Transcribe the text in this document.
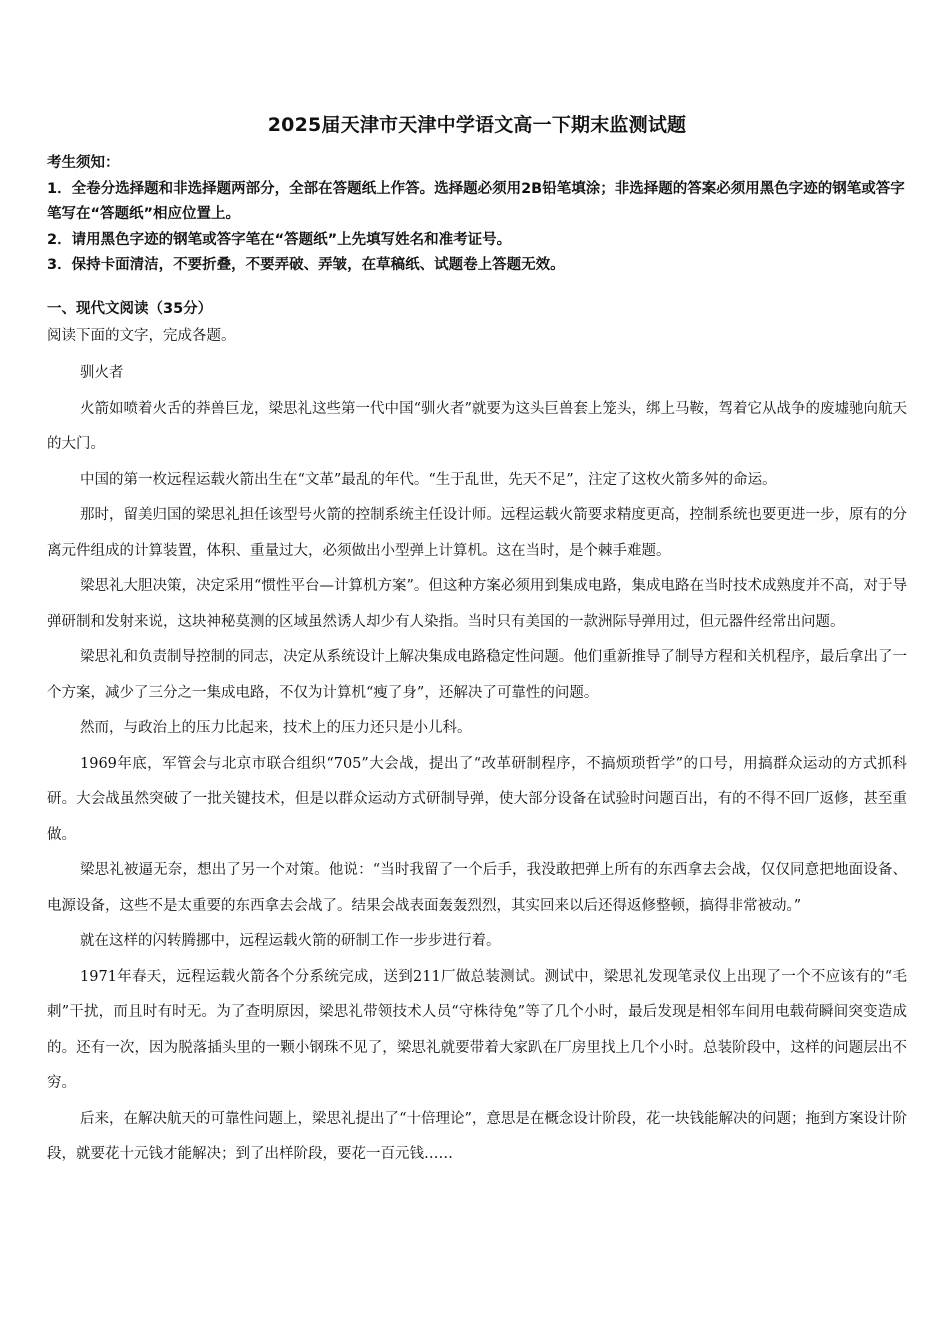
2025届天津市天津中学语文高一下期末监测试题

考生须知：

1．全卷分选择题和非选择题两部分，全部在答题纸上作答。选择题必须用2B铅笔填涂；非选择题的答案必须用黑色字迹的钢笔或答字笔写在“答题纸”相应位置上。

2．请用黑色字迹的钢笔或答字笔在“答题纸”上先填写姓名和准考证号。

3．保持卡面清洁，不要折叠，不要弄破、弄皱，在草稿纸、试题卷上答题无效。

一、现代文阅读（35分）
阅读下面的文字，完成各题。

驯火者

火箭如喷着火舌的莽兽巨龙，梁思礼这些第一代中国“驯火者”就要为这头巨兽套上笼头，绑上马鞍，驾着它从战争的废墟驰向航天的大门。

中国的第一枚远程运载火箭出生在“文革”最乱的年代。“生于乱世，先天不足”，注定了这枚火箭多舛的命运。

那时，留美归国的梁思礼担任该型号火箭的控制系统主任设计师。远程运载火箭要求精度更高，控制系统也要更进一步，原有的分离元件组成的计算装置，体积、重量过大，必须做出小型弹上计算机。这在当时，是个棘手难题。

梁思礼大胆决策，决定采用“惯性平台—计算机方案”。但这种方案必须用到集成电路，集成电路在当时技术成熟度并不高，对于导弹研制和发射来说，这块神秘莫测的区域虽然诱人却少有人染指。当时只有美国的一款洲际导弹用过，但元器件经常出问题。

梁思礼和负责制导控制的同志，决定从系统设计上解决集成电路稳定性问题。他们重新推导了制导方程和关机程序，最后拿出了一个方案，减少了三分之一集成电路，不仅为计算机“瘦了身”，还解决了可靠性的问题。

然而，与政治上的压力比起来，技术上的压力还只是小儿科。

1969年底，军管会与北京市联合组织“705”大会战，提出了“改革研制程序，不搞烦琐哲学”的口号，用搞群众运动的方式抓科研。大会战虽然突破了一批关键技术，但是以群众运动方式研制导弹，使大部分设备在试验时问题百出，有的不得不回厂返修，甚至重做。

梁思礼被逼无奈，想出了另一个对策。他说：“当时我留了一个后手，我没敢把弹上所有的东西拿去会战，仅仅同意把地面设备、电源设备，这些不是太重要的东西拿去会战了。结果会战表面轰轰烈烈，其实回来以后还得返修整顿，搞得非常被动。”

就在这样的闪转腾挪中，远程运载火箭的研制工作一步步进行着。

1971年春天，远程运载火箭各个分系统完成，送到211厂做总装测试。测试中，梁思礼发现笔录仪上出现了一个不应该有的“毛刺”干扰，而且时有时无。为了查明原因，梁思礼带领技术人员“守株待兔”等了几个小时，最后发现是相邻车间用电载荷瞬间突变造成的。还有一次，因为脱落插头里的一颗小钢珠不见了，梁思礼就要带着大家趴在厂房里找上几个小时。总装阶段中，这样的问题层出不穷。

后来，在解决航天的可靠性问题上，梁思礼提出了“十倍理论”，意思是在概念设计阶段，花一块钱能解决的问题；拖到方案设计阶段，就要花十元钱才能解决；到了出样阶段，要花一百元钱……
